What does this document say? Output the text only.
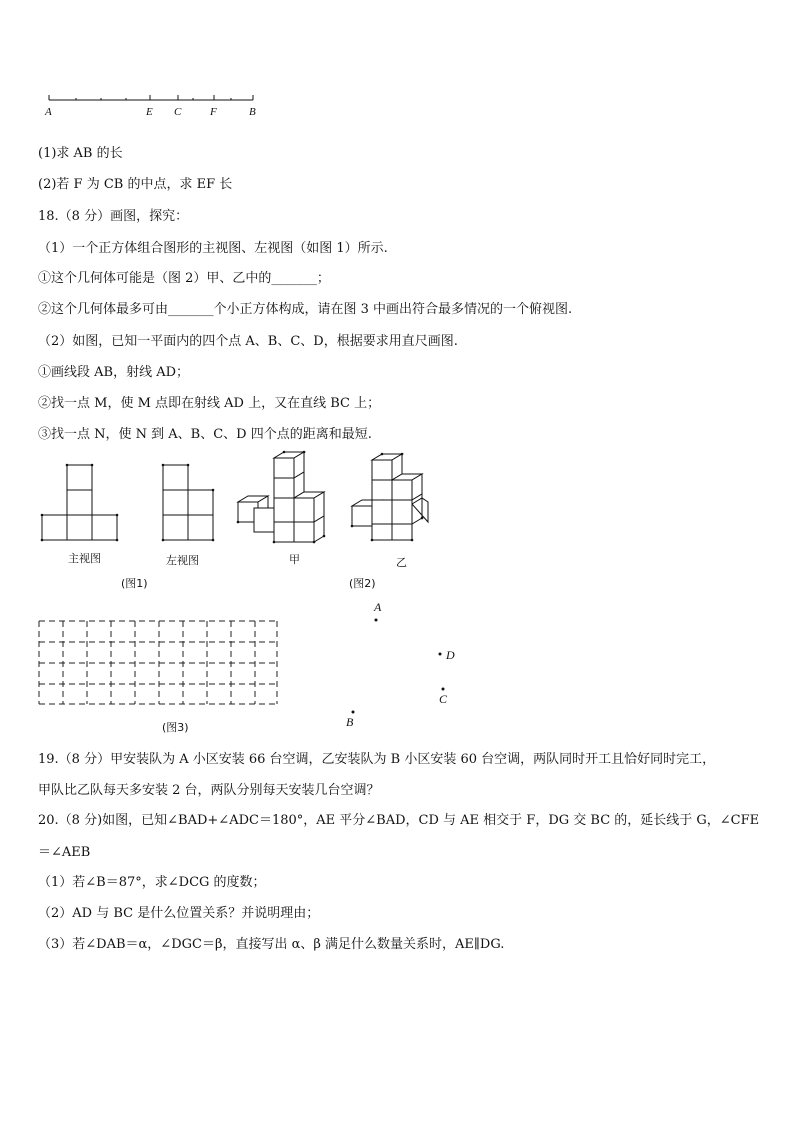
A	E C	F	B
(1)求 AB 的长
(2)若 F 为 CB 的中点，求 EF 长
18.（8 分）画图，探究：
（1）一个正方体组合图形的主视图、左视图（如图 1）所示.
①这个几何体可能是（图 2）甲、乙中的_______；
②这个几何体最多可由_______个小正方体构成，请在图 3 中画出符合最多情况的一个俯视图.
（2）如图，已知一平面内的四个点 A、B、C、D，根据要求用直尺画图.
①画线段 AB，射线 AD；
②找一点 M，使 M 点即在射线 AD 上，又在直线 BC 上；
③找一点 N，使 N 到 A、B、C、D 四个点的距离和最短.
主视图	左视图	甲	乙
(图1)	(图2)
(图3)
A
D
C
B
19.（8 分）甲安装队为 A 小区安装 66 台空调，乙安装队为 B 小区安装 60 台空调，两队同时开工且恰好同时完工，
甲队比乙队每天多安装 2 台，两队分别每天安装几台空调？
20.（8 分)如图，已知∠BAD+∠ADC＝180°，AE 平分∠BAD，CD 与 AE 相交于 F，DG 交 BC 的，延长线于 G，∠CFE
＝∠AEB
（1）若∠B＝87°，求∠DCG 的度数；
（2）AD 与 BC 是什么位置关系？并说明理由；
（3）若∠DAB＝α，∠DGC＝β，直接写出 α、β 满足什么数量关系时，AE∥DG.
